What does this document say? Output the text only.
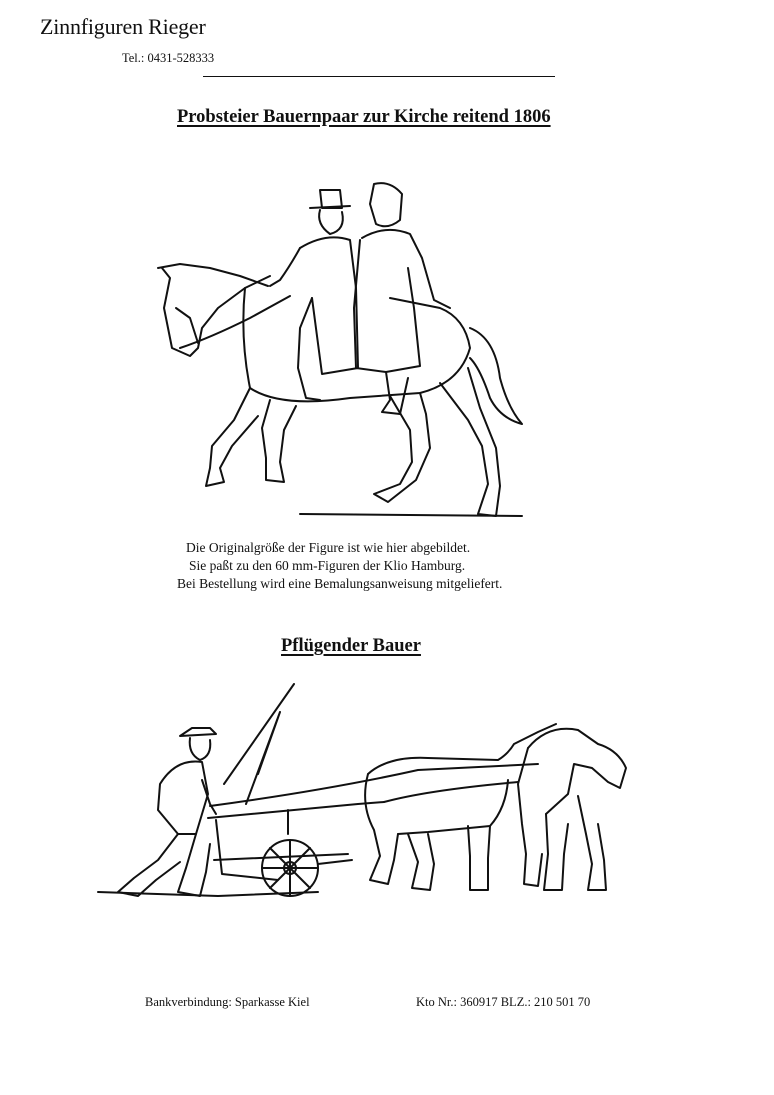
Zinnfiguren Rieger
Tel.: 0431-528333
Probsteier Bauernpaar zur Kirche reitend 1806
Die Originalgröße der Figure ist wie hier abgebildet.
Sie paßt zu den 60 mm-Figuren der Klio Hamburg.
Bei Bestellung wird eine Bemalungsanweisung mitgeliefert.
Pflügender Bauer
Bankverbindung: Sparkasse Kiel	Kto Nr.: 360917 BLZ.: 210 501 70
